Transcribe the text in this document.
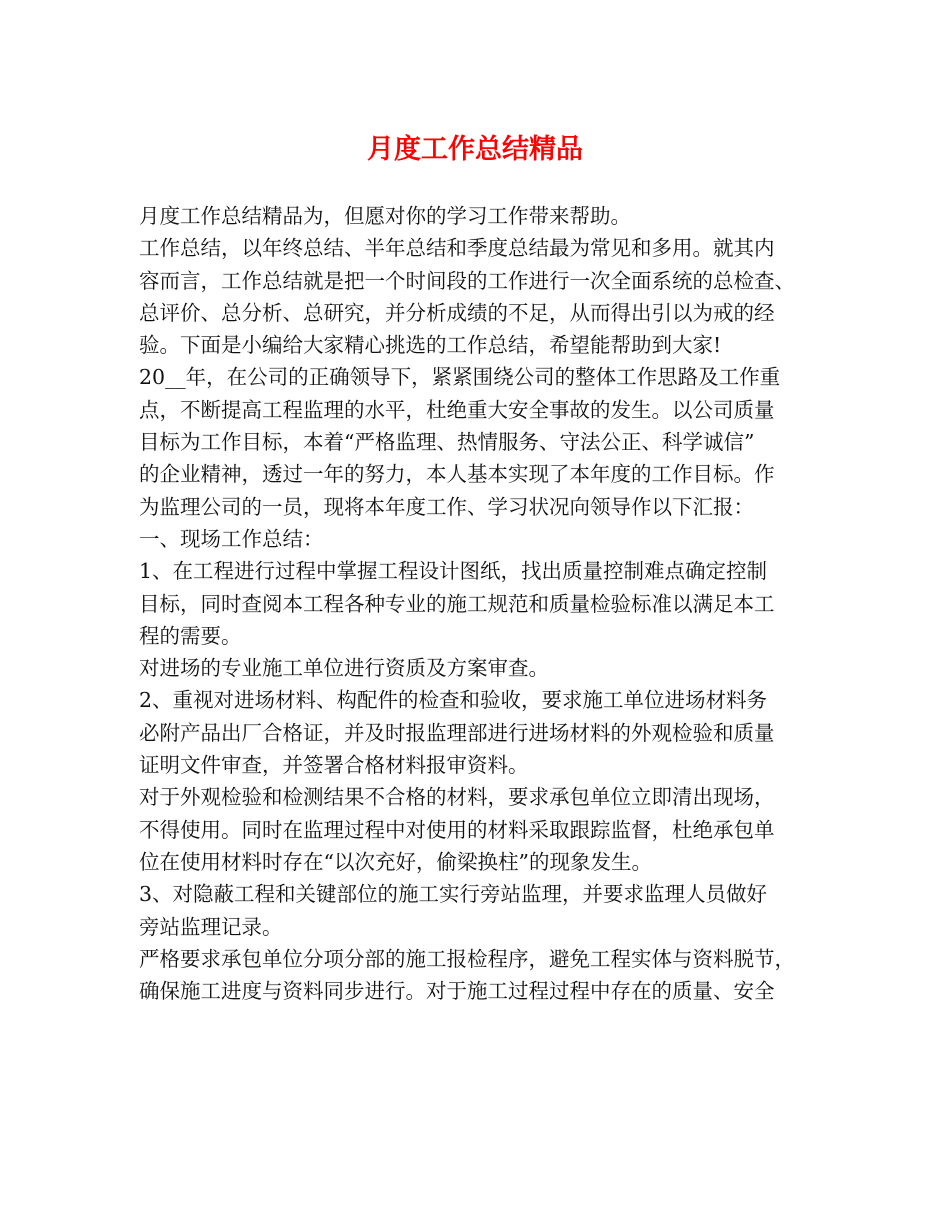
月度工作总结精品

月度工作总结精品为，但愿对你的学习工作带来帮助。

工作总结，以年终总结、半年总结和季度总结最为常见和多用。就其内

容而言，工作总结就是把一个时间段的工作进行一次全面系统的总检查、

总评价、总分析、总研究，并分析成绩的不足，从而得出引以为戒的经

验。下面是小编给大家精心挑选的工作总结，希望能帮助到大家!

20__年，在公司的正确领导下，紧紧围绕公司的整体工作思路及工作重

点，不断提高工程监理的水平，杜绝重大安全事故的发生。以公司质量

目标为工作目标，本着“严格监理、热情服务、守法公正、科学诚信”

的企业精神，透过一年的努力，本人基本实现了本年度的工作目标。作

为监理公司的一员，现将本年度工作、学习状况向领导作以下汇报：

一、现场工作总结：

1、在工程进行过程中掌握工程设计图纸，找出质量控制难点确定控制

目标，同时查阅本工程各种专业的施工规范和质量检验标准以满足本工

程的需要。

对进场的专业施工单位进行资质及方案审查。

2、重视对进场材料、构配件的检查和验收，要求施工单位进场材料务

必附产品出厂合格证，并及时报监理部进行进场材料的外观检验和质量

证明文件审查，并签署合格材料报审资料。

对于外观检验和检测结果不合格的材料，要求承包单位立即清出现场，

不得使用。同时在监理过程中对使用的材料采取跟踪监督，杜绝承包单

位在使用材料时存在“以次充好，偷梁换柱”的现象发生。

3、对隐蔽工程和关键部位的施工实行旁站监理，并要求监理人员做好

旁站监理记录。

严格要求承包单位分项分部的施工报检程序，避免工程实体与资料脱节，

确保施工进度与资料同步进行。对于施工过程过程中存在的质量、安全
